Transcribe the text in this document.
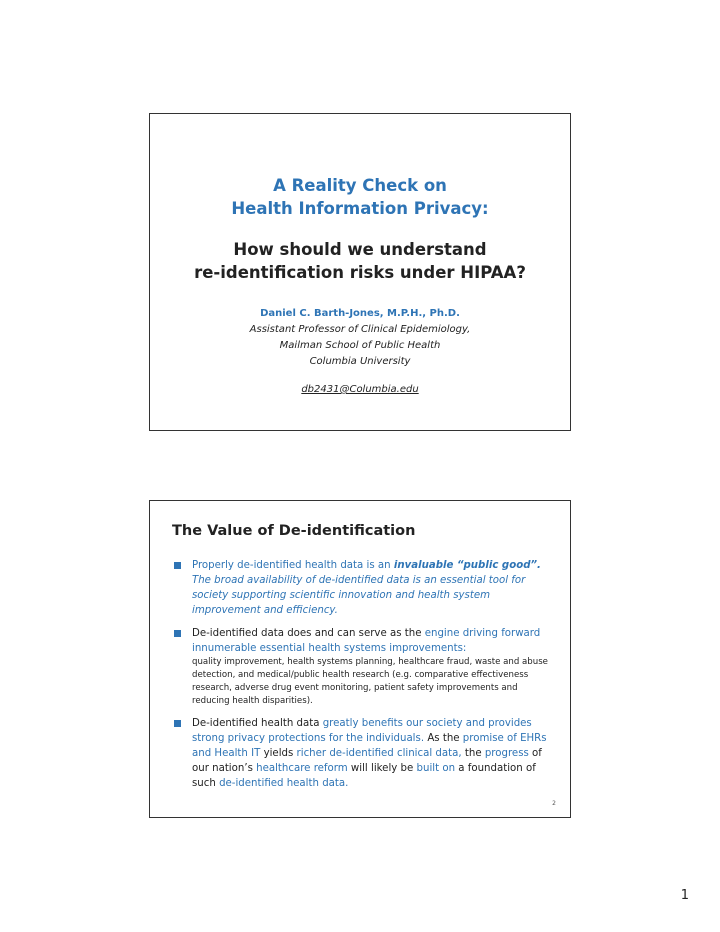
A Reality Check on
Health Information Privacy:
How should we understand
re-identification risks under HIPAA?
Daniel C. Barth-Jones, M.P.H., Ph.D.
Assistant Professor of Clinical Epidemiology,
Mailman School of Public Health
Columbia University
db2431@Columbia.edu
The Value of De-identification
Properly de-identified health data is an invaluable “public good”. The broad availability of de-identified data is an essential tool for society supporting scientific innovation and health system improvement and efficiency.
De-identified data does and can serve as the engine driving forward innumerable essential health systems improvements:
quality improvement, health systems planning, healthcare fraud, waste and abuse detection, and medical/public health research (e.g. comparative effectiveness research, adverse drug event monitoring, patient safety improvements and reducing health disparities).
De-identified health data greatly benefits our society and provides strong privacy protections for the individuals. As the promise of EHRs and Health IT yields richer de-identified clinical data, the progress of our nation’s healthcare reform will likely be built on a foundation of such de-identified health data.
2
1
